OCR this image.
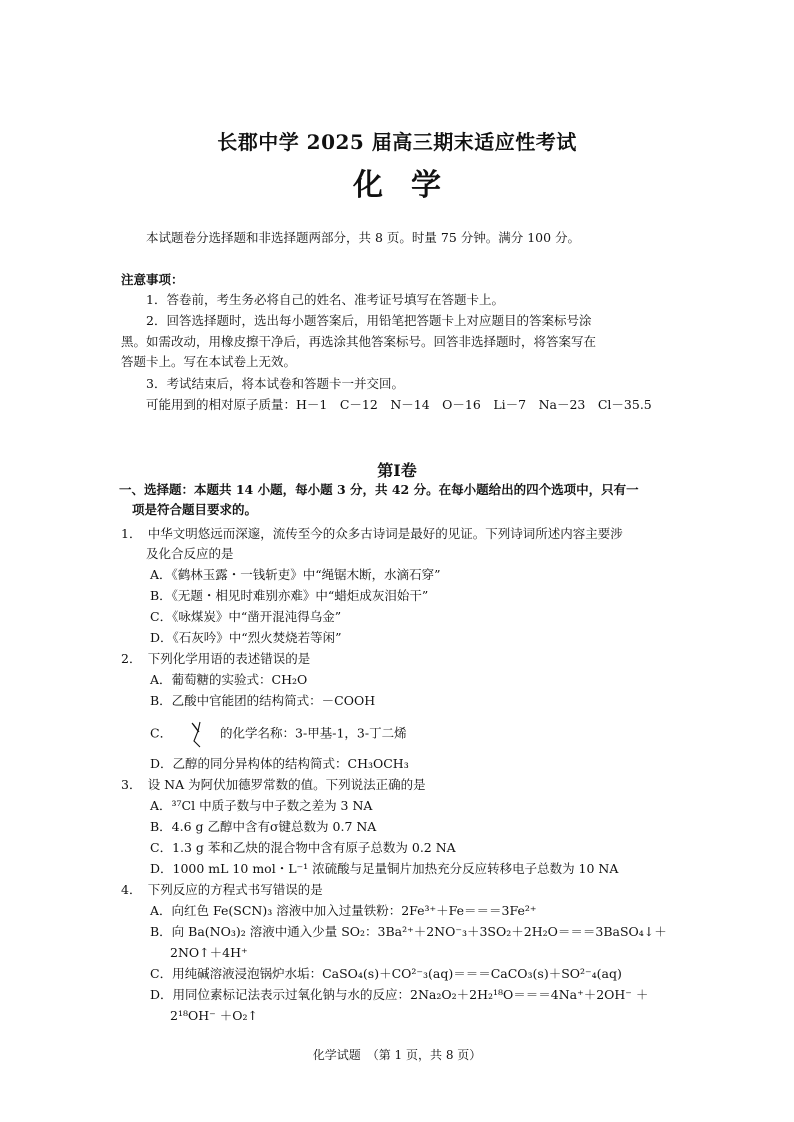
长郡中学 2025 届高三期末适应性考试
化学
本试题卷分选择题和非选择题两部分，共 8 页。时量 75 分钟。满分 100 分。
注意事项：
1．答卷前，考生务必将自己的姓名、准考证号填写在答题卡上。
2．回答选择题时，选出每小题答案后，用铅笔把答题卡上对应题目的答案标号涂
黑。如需改动，用橡皮擦干净后，再选涂其他答案标号。回答非选择题时，将答案写在
答题卡上。写在本试卷上无效。
3．考试结束后，将本试卷和答题卡一并交回。
可能用到的相对原子质量：H－1　C－12　N－14　O－16　Li－7　Na－23　Cl－35.5
第Ⅰ卷
一、选择题：本题共 14 小题，每小题 3 分，共 42 分。在每小题给出的四个选项中，只有一
项是符合题目要求的。
1．　中华文明悠远而深邃，流传至今的众多古诗词是最好的见证。下列诗词所述内容主要涉
及化合反应的是
A．《鹤林玉露・一钱斩吏》中“绳锯木断，水滴石穿”
B．《无题・相见时难别亦难》中“蜡炬成灰泪始干”
C．《咏煤炭》中“凿开混沌得乌金”
D．《石灰吟》中“烈火焚烧若等闲”
2．　下列化学用语的表述错误的是
A．葡萄糖的实验式：CH₂O
B．乙酸中官能团的结构简式：－COOH
C．	的化学名称：3-甲基-1，3-丁二烯
D．乙醇的同分异构体的结构简式：CH₃OCH₃
3．　设 NA 为阿伏加德罗常数的值。下列说法正确的是
A．³⁷Cl 中质子数与中子数之差为 3 NA
B．4.6 g 乙醇中含有σ键总数为 0.7 NA
C．1.3 g 苯和乙炔的混合物中含有原子总数为 0.2 NA
D．1000 mL 10 mol・L⁻¹ 浓硫酸与足量铜片加热充分反应转移电子总数为 10 NA
4．　下列反应的方程式书写错误的是
A．向红色 Fe(SCN)₃ 溶液中加入过量铁粉：2Fe³⁺＋Fe＝＝＝3Fe²⁺
B．向 Ba(NO₃)₂ 溶液中通入少量 SO₂：3Ba²⁺＋2NO⁻₃＋3SO₂＋2H₂O＝＝＝3BaSO₄↓＋
2NO↑＋4H⁺
C．用纯碱溶液浸泡锅炉水垢：CaSO₄(s)＋CO²⁻₃(aq)＝＝＝CaCO₃(s)＋SO²⁻₄(aq)
D．用同位素标记法表示过氧化钠与水的反应：2Na₂O₂＋2H₂¹⁸O＝＝＝4Na⁺＋2OH⁻ ＋
2¹⁸OH⁻ ＋O₂↑
化学试题　（第 1 页，共 8 页）
